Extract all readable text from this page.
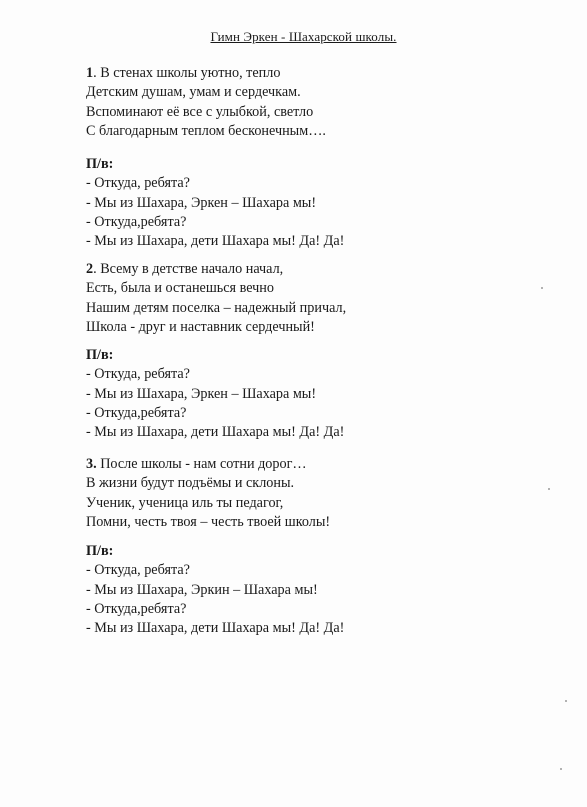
Гимн Эркен - Шахарской школы.
1. В стенах школы уютно, тепло
Детским душам, умам и сердечкам.
Вспоминают её все с улыбкой, светло
С благодарным теплом бесконечным….
П/в:
- Откуда, ребята?
- Мы из Шахара, Эркен – Шахара мы!
- Откуда,ребята?
- Мы из Шахара, дети Шахара мы! Да! Да!
2. Всему в детстве начало начал,
Есть, была и останешься вечно
Нашим детям поселка – надежный причал,
Школа - друг и наставник сердечный!
П/в:
- Откуда, ребята?
- Мы из Шахара, Эркен – Шахара мы!
- Откуда,ребята?
- Мы из Шахара, дети Шахара мы! Да! Да!
3. После школы - нам сотни дорог…
В жизни будут подъёмы и склоны.
Ученик, ученица иль ты педагог,
Помни, честь твоя – честь твоей школы!
П/в:
- Откуда, ребята?
- Мы из Шахара, Эркин – Шахара мы!
- Откуда,ребята?
- Мы из Шахара, дети Шахара мы! Да! Да!
